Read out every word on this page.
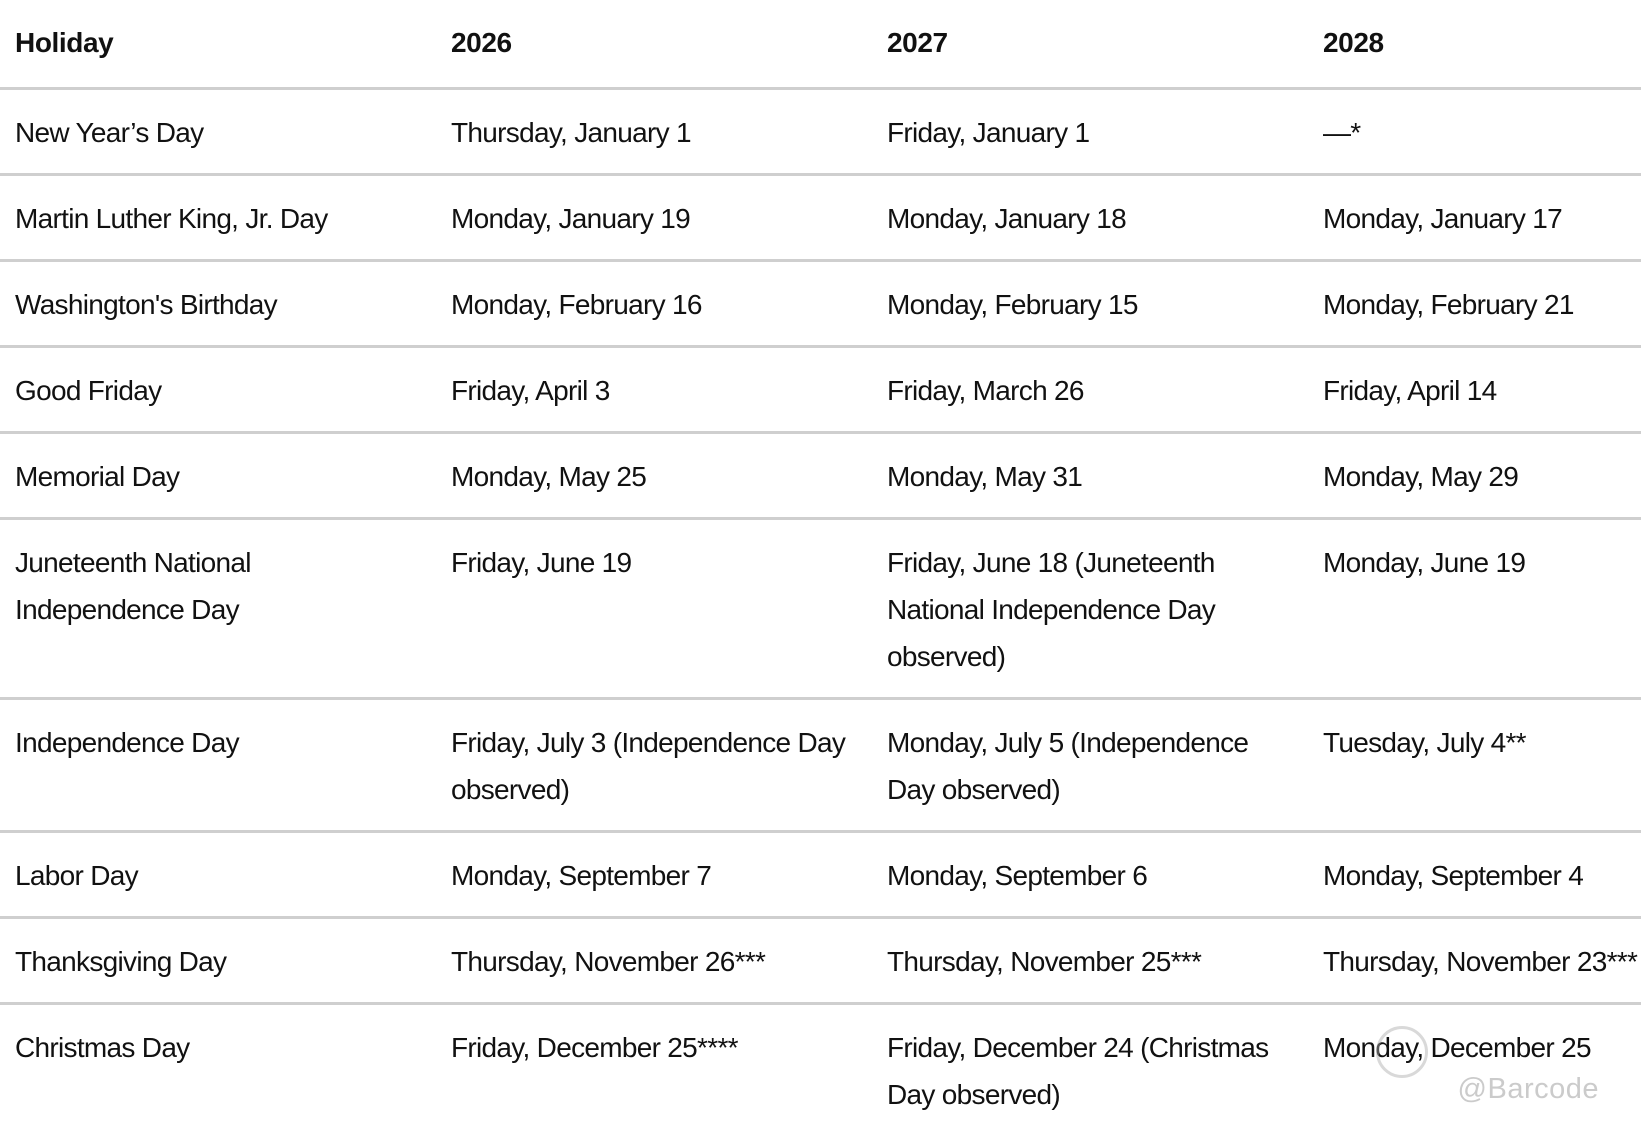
Holiday	2026	2027	2028
New Year’s Day	Thursday, January 1	Friday, January 1	—*
Martin Luther King, Jr. Day	Monday, January 19	Monday, January 18	Monday, January 17
Washington's Birthday	Monday, February 16	Monday, February 15	Monday, February 21
Good Friday	Friday, April 3	Friday, March 26	Friday, April 14
Memorial Day	Monday, May 25	Monday, May 31	Monday, May 29
Juneteenth National Independence Day	Friday, June 19	Friday, June 18 (Juneteenth National Independence Day observed)	Monday, June 19
Independence Day	Friday, July 3 (Independence Day observed)	Monday, July 5 (Independence Day observed)	Tuesday, July 4**
Labor Day	Monday, September 7	Monday, September 6	Monday, September 4
Thanksgiving Day	Thursday, November 26***	Thursday, November 25***	Thursday, November 23***
Christmas Day	Friday, December 25****	Friday, December 24 (Christmas Day observed)	Monday, December 25
@Barcode
